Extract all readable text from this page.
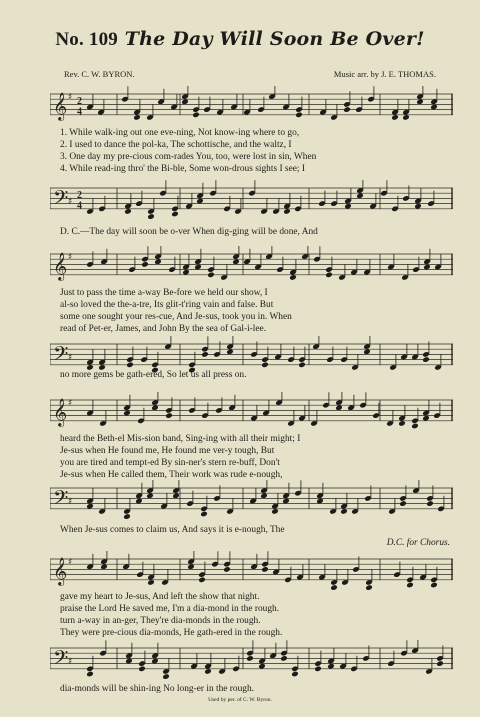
No. 109 The Day Will Soon Be Over!
Rev. C. W. BYRON.	Music arr. by J. E. THOMAS.
𝄞 ♯ 2
4
1. While walk-ing out one eve-ning, Not know-ing where to go,
2. I used to dance the pol-ka, The schottische, and the waltz, I
3. One day my pre-cious com-rades You, too, were lost in sin, When
4. While read-ing thro' the Bi-ble, Some won-drous sights I see; I
𝄢 ♯
2
4
D. C.—The day will soon be o-ver When dig-ging will be done, And
𝄞 ♯
Just to pass the time a-way Be-fore we held our show, I
al-so loved the the-a-tre, Its glit-t'ring vain and false. But
some one sought your res-cue, And Je-sus, took you in. When
read of Pet-er, James, and John By the sea of Gal-i-lee.
𝄢 ♯
no more gems be gath-ered, So let us all press on.
𝄞 ♯
heard the Beth-el Mis-sion band, Sing-ing with all their might; I
Je-sus when He found me, He found me ver-y tough, But
you are tired and tempt-ed By sin-ner's stern re-buff, Don't
Je-sus when He called them, Their work was rude e-nough,
𝄢 ♯
When Je-sus comes to claim us, And says it is e-nough, The
D.C. for Chorus.
𝄞 ♯
gave my heart to Je-sus, And left the show that night.
praise the Lord He saved me, I'm a dia-mond in the rough.
turn a-way in an-ger, They're dia-monds in the rough.
They were pre-cious dia-monds, He gath-ered in the rough.
𝄢 ♯
dia-monds will be shin-ing No long-er in the rough.
Used by per. of C. W. Byron.
